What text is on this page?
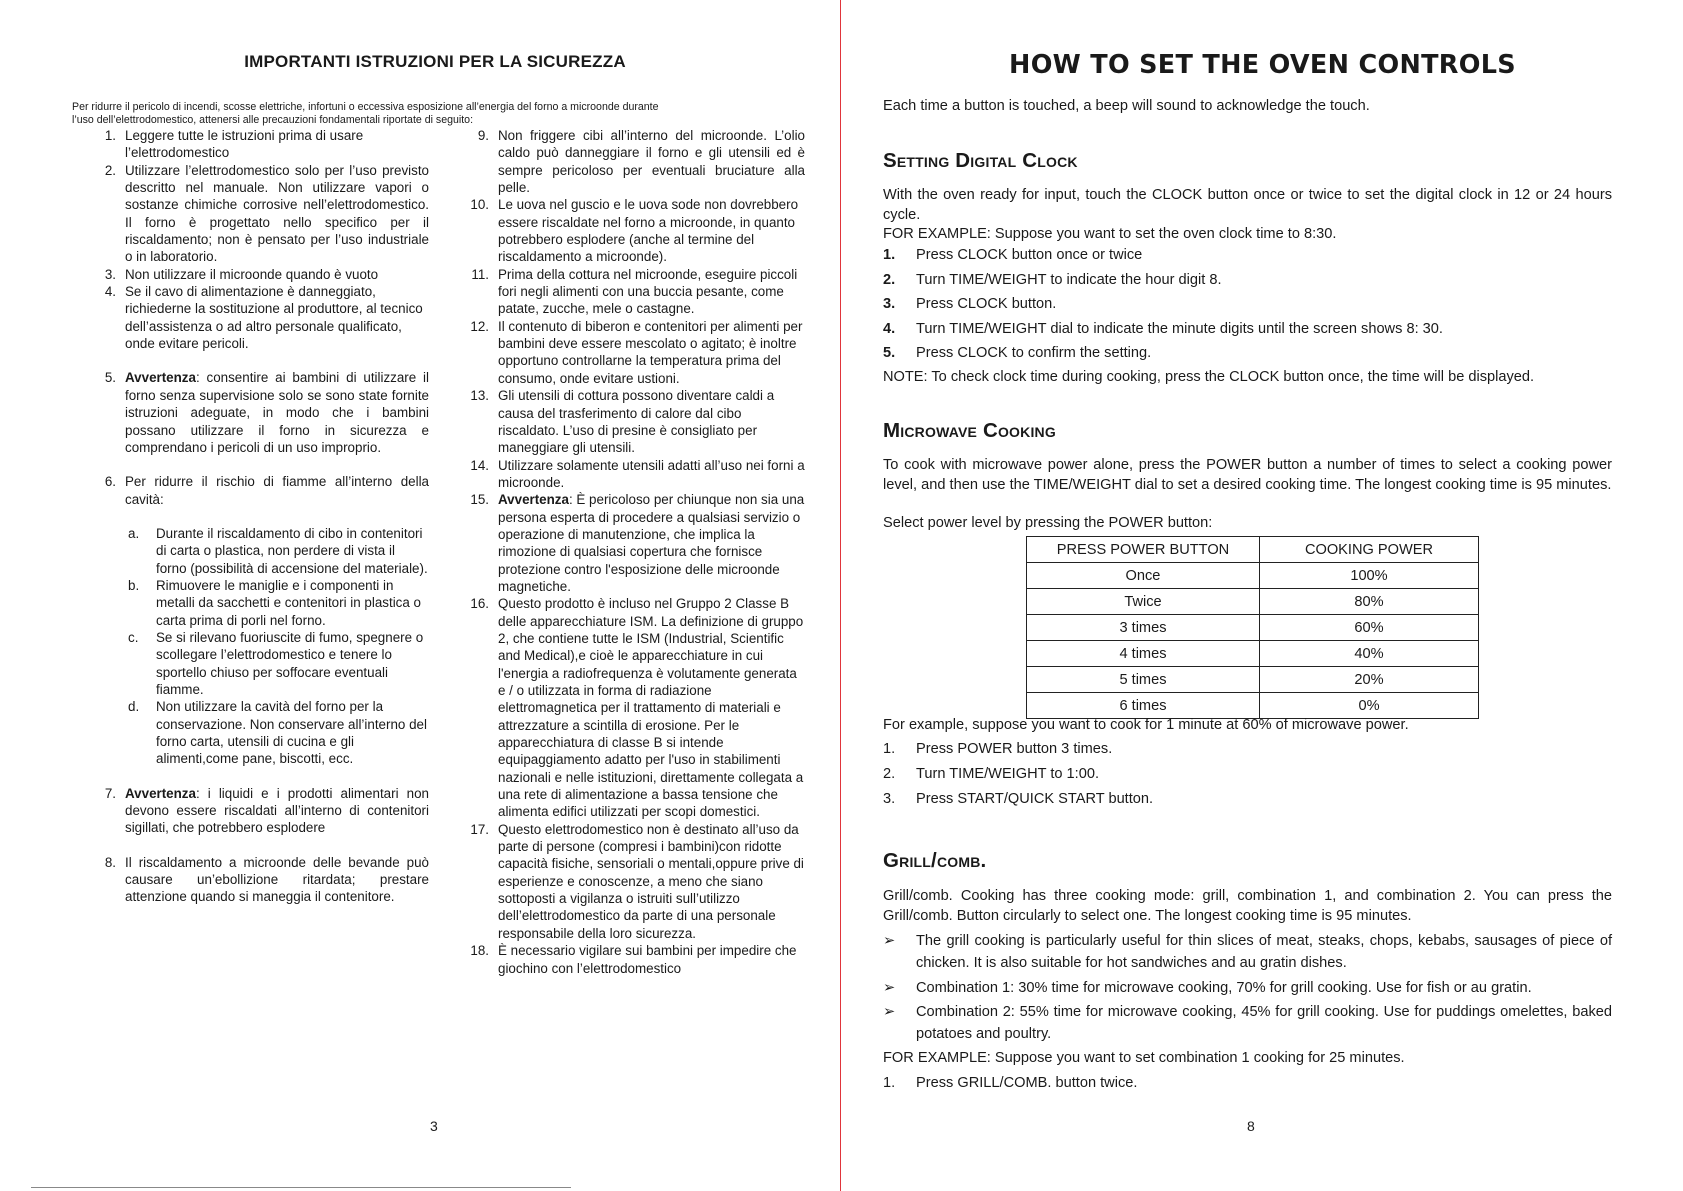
IMPORTANTI ISTRUZIONI PER LA SICUREZZA
Per ridurre il pericolo di incendi, scosse elettriche, infortuni o eccessiva esposizione all’energia del forno a microonde durante
l’uso dell’elettrodomestico, attenersi alle precauzioni fondamentali riportate di seguito:
1. Leggere tutte le istruzioni prima di usare l’elettrodomestico
2. Utilizzare l’elettrodomestico solo per l’uso previsto descritto nel manuale. Non utilizzare vapori o sostanze chimiche corrosive nell’elettrodomestico. Il forno è progettato nello specifico per il riscaldamento; non è pensato per l’uso industriale o in laboratorio.
3. Non utilizzare il microonde quando è vuoto
4. Se il cavo di alimentazione è danneggiato, richiederne la sostituzione al produttore, al tecnico dell’assistenza o ad altro personale qualificato, onde evitare pericoli.
5. Avvertenza: consentire ai bambini di utilizzare il forno senza supervisione solo se sono state fornite istruzioni adeguate, in modo che i bambini possano utilizzare il forno in sicurezza e comprendano i pericoli di un uso improprio.
6. Per ridurre il rischio di fiamme all’interno della cavità:
a. Durante il riscaldamento di cibo in contenitori di carta o plastica, non perdere di vista il forno (possibilità di accensione del materiale).
b. Rimuovere le maniglie e i componenti in metalli da sacchetti e contenitori in plastica o carta prima di porli nel forno.
c. Se si rilevano fuoriuscite di fumo, spegnere o scollegare l’elettrodomestico e tenere lo sportello chiuso per soffocare eventuali fiamme.
d. Non utilizzare la cavità del forno per la conservazione. Non conservare all’interno del forno carta, utensili di cucina e gli alimenti,come pane, biscotti, ecc.
7. Avvertenza: i liquidi e i prodotti alimentari non devono essere riscaldati all’interno di contenitori sigillati, che potrebbero esplodere
8. Il riscaldamento a microonde delle bevande può causare un’ebollizione ritardata; prestare attenzione quando si maneggia il contenitore.
9. Non friggere cibi all’interno del microonde. L’olio caldo può danneggiare il forno e gli utensili ed è sempre pericoloso per eventuali bruciature alla pelle.
10. Le uova nel guscio e le uova sode non dovrebbero essere riscaldate nel forno a microonde, in quanto potrebbero esplodere (anche al termine del riscaldamento a microonde).
11. Prima della cottura nel microonde, eseguire piccoli fori negli alimenti con una buccia pesante, come patate, zucche, mele o castagne.
12. Il contenuto di biberon e contenitori per alimenti per bambini deve essere mescolato o agitato; è inoltre opportuno controllarne la temperatura prima del consumo, onde evitare ustioni.
13. Gli utensili di cottura possono diventare caldi a causa del trasferimento di calore dal cibo riscaldato. L’uso di presine è consigliato per maneggiare gli utensili.
14. Utilizzare solamente utensili adatti all’uso nei forni a microonde.
15. Avvertenza: È pericoloso per chiunque non sia una persona esperta di procedere a qualsiasi servizio o operazione di manutenzione, che implica la rimozione di qualsiasi copertura che fornisce protezione contro l'esposizione delle microonde magnetiche.
16. Questo prodotto è incluso nel Gruppo 2 Classe B delle apparecchiature ISM. La definizione di gruppo 2, che contiene tutte le ISM (Industrial, Scientific and Medical),e cioè le apparecchiature in cui l'energia a radiofrequenza è volutamente generata e / o utilizzata in forma di radiazione elettromagnetica per il trattamento di materiali e attrezzature a scintilla di erosione. Per le apparecchiatura di classe B si intende equipaggiamento adatto per l'uso in stabilimenti nazionali e nelle istituzioni, direttamente collegata a una rete di alimentazione a bassa tensione che alimenta edifici utilizzati per scopi domestici.
17. Questo elettrodomestico non è destinato all’uso da parte di persone (compresi i bambini)con ridotte capacità fisiche, sensoriali o mentali,oppure prive di esperienze e conoscenze, a meno che siano sottoposti a vigilanza o istruiti sull’utilizzo dell’elettrodomestico da parte di una personale responsabile della loro sicurezza.
18. È necessario vigilare sui bambini per impedire che giochino con l’elettrodomestico
3
HOW TO SET THE OVEN CONTROLS
Each time a button is touched, a beep will sound to acknowledge the touch.
Setting Digital Clock
With the oven ready for input, touch the CLOCK button once or twice to set the digital clock in 12 or 24 hours cycle.
FOR EXAMPLE: Suppose you want to set the oven clock time to 8:30.
1. Press CLOCK button once or twice
2. Turn TIME/WEIGHT to indicate the hour digit 8.
3. Press CLOCK button.
4. Turn TIME/WEIGHT dial to indicate the minute digits until the screen shows 8: 30.
5. Press CLOCK to confirm the setting.
NOTE: To check clock time during cooking, press the CLOCK button once, the time will be displayed.
Microwave Cooking
To cook with microwave power alone, press the POWER button a number of times to select a cooking power level, and then use the TIME/WEIGHT dial to set a desired cooking time. The longest cooking time is 95 minutes.
Select power level by pressing the POWER button:
PRESS POWER BUTTON	COOKING POWER
Once	100%
Twice	80%
3 times	60%
4 times	40%
5 times	20%
6 times	0%
For example, suppose you want to cook for 1 minute at 60% of microwave power.
1. Press POWER button 3 times.
2. Turn TIME/WEIGHT to 1:00.
3. Press START/QUICK START button.
Grill/comb.
Grill/comb. Cooking has three cooking mode: grill, combination 1, and combination 2. You can press the Grill/comb. Button circularly to select one. The longest cooking time is 95 minutes.
➢ The grill cooking is particularly useful for thin slices of meat, steaks, chops, kebabs, sausages of piece of chicken. It is also suitable for hot sandwiches and au gratin dishes.
➢ Combination 1: 30% time for microwave cooking, 70% for grill cooking. Use for fish or au gratin.
➢ Combination 2: 55% time for microwave cooking, 45% for grill cooking. Use for puddings omelettes, baked potatoes and poultry.
FOR EXAMPLE: Suppose you want to set combination 1 cooking for 25 minutes.
1. Press GRILL/COMB. button twice.
8
